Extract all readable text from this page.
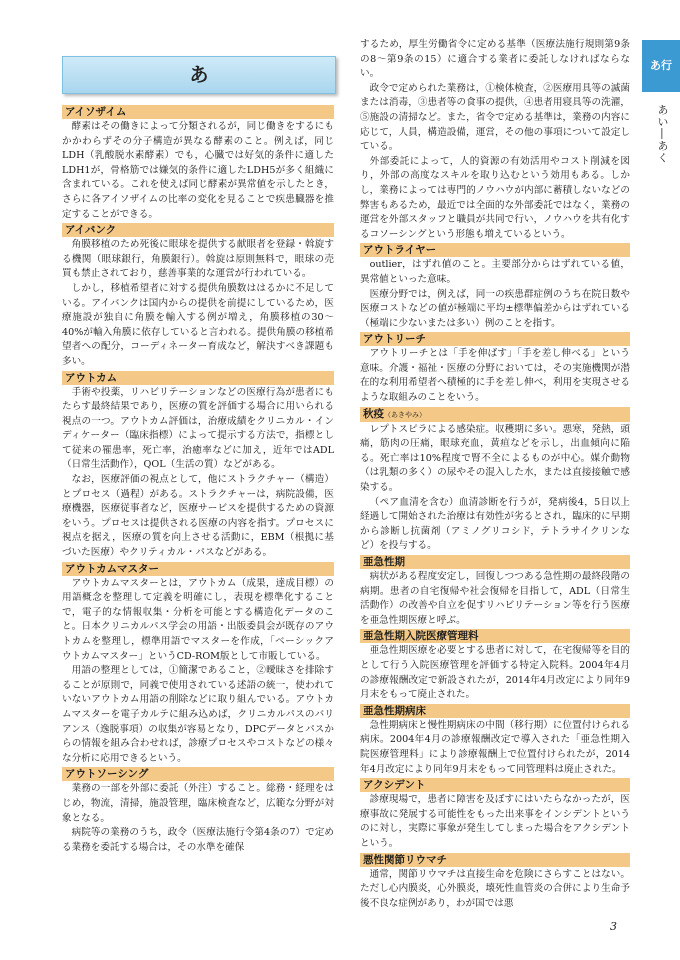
あ	あ行
あい―あく
アイソザイム

酵素はその働きによって分類されるが，同じ働きをするにもかかわらずその分子構造が異なる酵素のこと。例えば，同じLDH（乳酸脱水素酵素）でも，心臓では好気的条件に適したLDH1が，骨格筋では嫌気的条件に適したLDH5が多く組織に含まれている。これを使えば同じ酵素が異常値を示したとき，さらに各アイソザイムの比率の変化を見ることで疾患臓器を推定することができる。

アイバンク

角膜移植のため死後に眼球を提供する献眼者を登録・斡旋する機関（眼球銀行，角膜銀行）。斡旋は原則無料で，眼球の売買も禁止されており，慈善事業的な運営が行われている。

しかし，移植希望者に対する提供角膜数ははるかに不足している。アイバンクは国内からの提供を前提にしているため，医療施設が独自に角膜を輸入する例が増え，角膜移植の30～40%が輸入角膜に依存していると言われる。提供角膜の移植希望者への配分，コーディネーター育成など，解決すべき課題も多い。

アウトカム

手術や投薬，リハビリテーションなどの医療行為が患者にもたらす最終結果であり，医療の質を評価する場合に用いられる視点の一つ。アウトカム評価は，治療成績をクリニカル・インディケーター（臨床指標）によって提示する方法で，指標として従来の罹患率，死亡率，治癒率などに加え，近年ではADL（日常生活動作），QOL（生活の質）などがある。

なお，医療評価の視点として，他にストラクチャー（構造）とプロセス（過程）がある。ストラクチャーは，病院設備，医療機器，医療従事者など，医療サービスを提供するための資源をいう。プロセスは提供される医療の内容を指す。プロセスに視点を据え，医療の質を向上させる活動に，EBM（根拠に基づいた医療）やクリティカル・パスなどがある。

アウトカムマスター

アウトカムマスターとは，アウトカム（成果，達成目標）の用語概念を整理して定義を明確にし，表現を標準化することで，電子的な情報収集・分析を可能とする構造化データのこと。日本クリニカルパス学会の用語・出版委員会が既存のアウトカムを整理し，標準用語でマスターを作成，「ベーシックアウトカムマスター」というCD-ROM版として市販している。

用語の整理としては，①簡潔であること，②曖昧さを排除することが原則で，同義で使用されている述語の統一，使われていないアウトカム用語の削除などに取り組んでいる。アウトカムマスターを電子カルテに組み込めば，クリニカルパスのバリアンス（逸脱事項）の収集が容易となり，DPCデータとパスからの情報を組み合わせれば，診療プロセスやコストなどの様々な分析に応用できるという。

アウトソーシング

業務の一部を外部に委託（外注）すること。総務・経理をはじめ，物流，清掃，施設管理，臨床検査など，広範な分野が対象となる。

病院等の業務のうち，政令（医療法施行令第4条の7）で定める業務を委託する場合は，その水準を確保

するため，厚生労働省令に定める基準（医療法施行規則第9条の8～第9条の15）に適合する業者に委託しなければならない。

政令で定められた業務は，①検体検査，②医療用具等の滅菌または消毒，③患者等の食事の提供，④患者用寝具等の洗濯，⑤施設の清掃など。また，省令で定める基準は，業務の内容に応じて，人員，構造設備，運営，その他の事項について設定している。

外部委託によって，人的資源の有効活用やコスト削減を図り，外部の高度なスキルを取り込むという効用もある。しかし，業務によっては専門的ノウハウが内部に蓄積しないなどの弊害もあるため，最近では全面的な外部委託ではなく，業務の運営を外部スタッフと職員が共同で行い，ノウハウを共有化するコソーシングという形態も増えているという。

アウトライヤー

outlier，はずれ値のこと。主要部分からはずれている値，異常値といった意味。

医療分野では，例えば，同一の疾患群症例のうち在院日数や医療コストなどの値が極端に平均±標準偏差からはずれている（極端に少ないまたは多い）例のことを指す。

アウトリーチ

アウトリーチとは「手を伸ばす」「手を差し伸べる」という意味。介護・福祉・医療の分野においては，その実施機関が潜在的な利用希望者へ積極的に手を差し伸べ，利用を実現させるような取組みのことをいう。

秋疫（あきやみ）

レプトスピラによる感染症。収穫期に多い。悪寒，発熱，頭痛，筋肉の圧痛，眼球充血，黄疸などを示し，出血傾向に陥る。死亡率は10%程度で腎不全によるものが中心。媒介動物（は乳類の多く）の尿やその混入した水，または直接接触で感染する。

（ペア血清を含む）血清診断を行うが，発病後4，5日以上経過して開始された治療は有効性が劣るとされ，臨床的に早期から診断し抗菌剤（アミノグリコシド，テトラサイクリンなど）を投与する。

亜急性期

病状がある程度安定し，回復しつつある急性期の最終段階の病期。患者の自宅復帰や社会復帰を目指して，ADL（日常生活動作）の改善や自立を促すリハビリテーション等を行う医療を亜急性期医療と呼ぶ。

亜急性期入院医療管理料

亜急性期医療を必要とする患者に対して，在宅復帰等を目的として行う入院医療管理を評価する特定入院料。2004年4月の診療報酬改定で新設されたが，2014年4月改定により同年9月末をもって廃止された。

亜急性期病床

急性期病床と慢性期病床の中間（移行期）に位置付けられる病床。2004年4月の診療報酬改定で導入された「亜急性期入院医療管理料」により診療報酬上で位置付けられたが，2014年4月改定により同年9月末をもって同管理料は廃止された。

アクシデント

診療現場で，患者に障害を及ぼすにはいたらなかったが，医療事故に発展する可能性をもった出来事をインシデントというのに対し，実際に事象が発生してしまった場合をアクシデントという。

悪性関節リウマチ

通常，関節リウマチは直接生命を危険にさらすことはない。ただし心内膜炎，心外膜炎，壊死性血管炎の合併により生命予後不良な症例があり，わが国では悪

3
